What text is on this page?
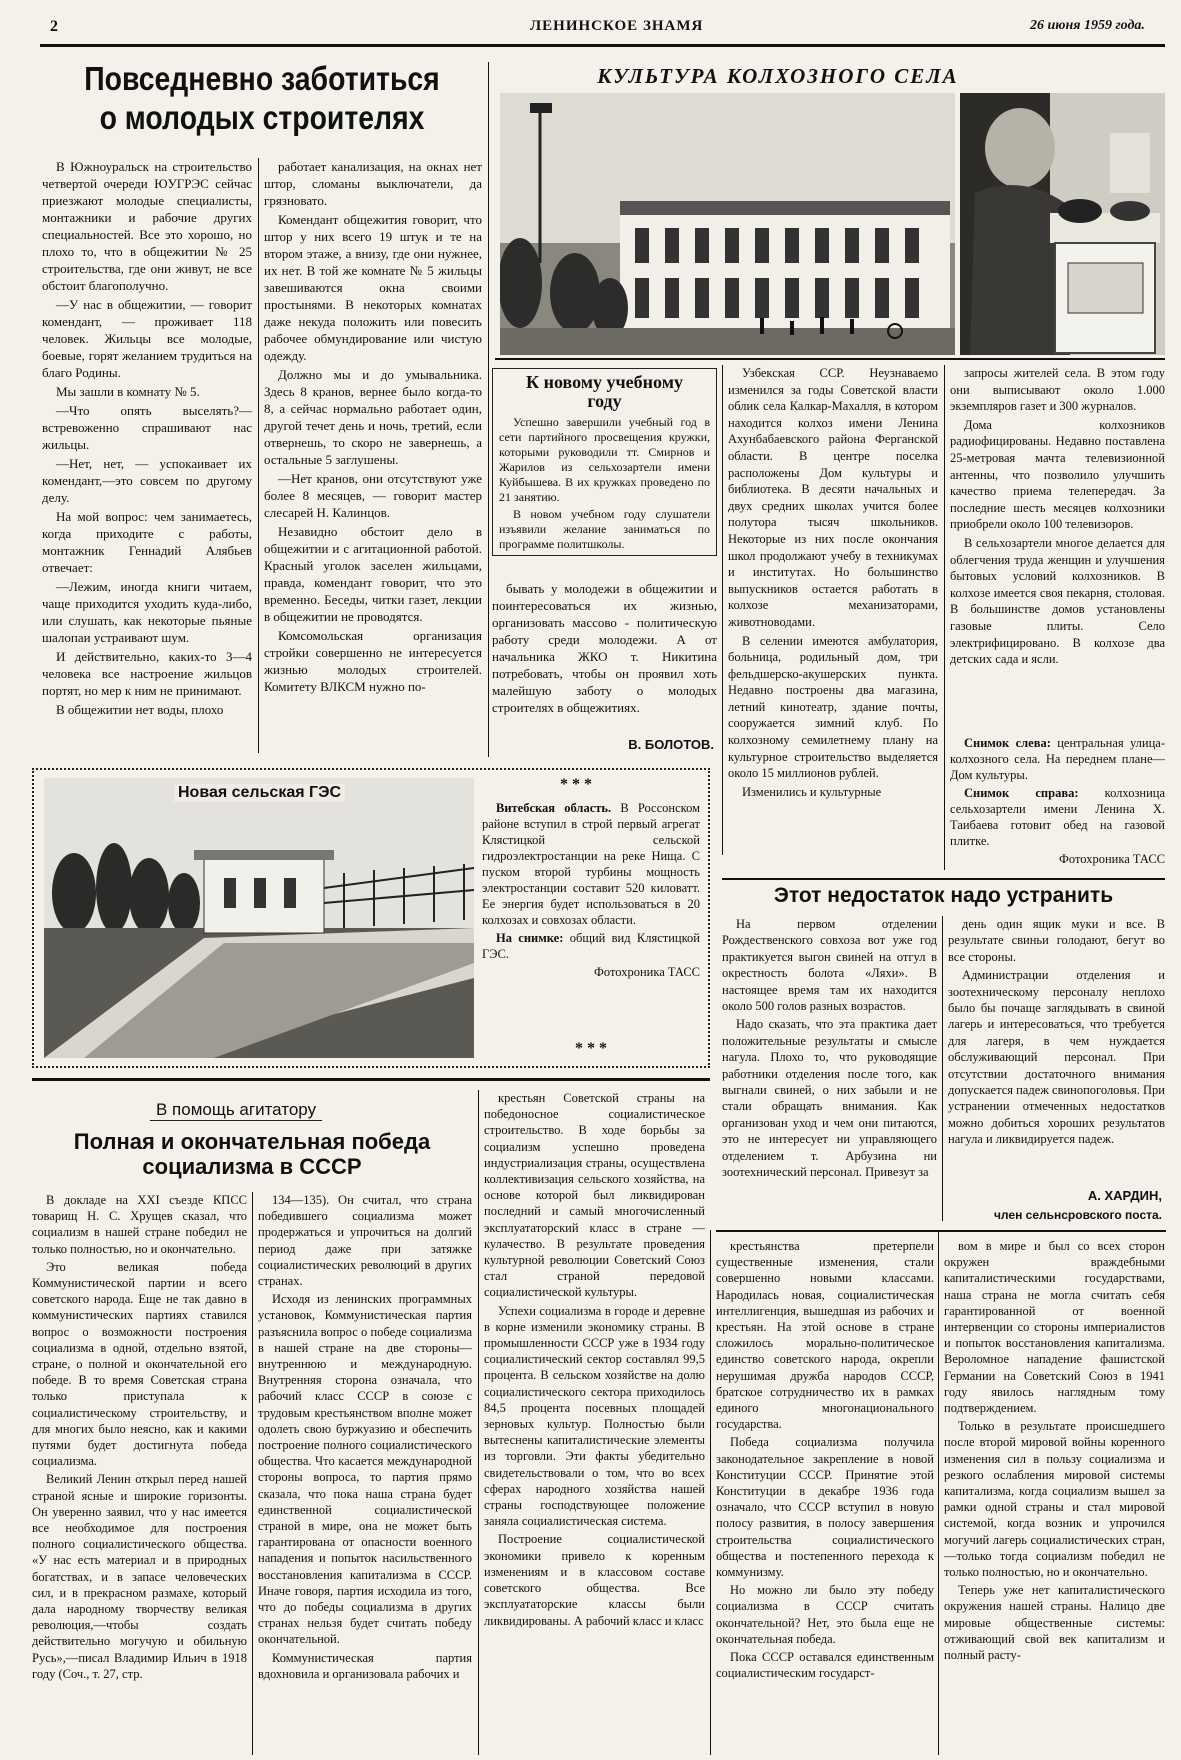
2	ЛЕНИНСКОЕ ЗНАМЯ	26 июня 1959 года.
Повседневно заботиться
о молодых строителях

В Южноуральск на строительство четвертой очереди ЮУГРЭС сейчас приезжают молодые специалисты, монтажники и рабочие других специальностей. Все это хорошо, но плохо то, что в общежитии № 25 строительства, где они живут, не все обстоит благополучно.

—У нас в общежитии, — говорит комендант, — проживает 118 человек. Жильцы все молодые, боевые, горят желанием трудиться на благо Родины.

Мы зашли в комнату № 5.

—Что опять выселять?—встревоженно спрашивают нас жильцы.

—Нет, нет, — успокаивает их комендант,—это совсем по другому делу.

На мой вопрос: чем занимаетесь, когда приходите с работы, монтажник Геннадий Алябьев отвечает:

—Лежим, иногда книги читаем, чаще приходится уходить куда-либо, или слушать, как некоторые пьяные шалопаи устраивают шум.

И действительно, каких-то 3—4 человека все настроение жильцов портят, но мер к ним не принимают.

В общежитии нет воды, плохо

работает канализация, на окнах нет штор, сломаны выключатели, да грязновато.

Комендант общежития говорит, что штор у них всего 19 штук и те на втором этаже, а внизу, где они нужнее, их нет. В той же комнате № 5 жильцы завешиваются окна своими простынями. В некоторых комнатах даже некуда положить или повесить рабочее обмундирование или чистую одежду.

Должно мы и до умывальника. Здесь 8 кранов, вернее было когда-то 8, а сейчас нормально работает один, другой течет день и ночь, третий, если отвернешь, то скоро не завернешь, а остальные 5 заглушены.

—Нет кранов, они отсутствуют уже более 8 месяцев, — говорит мастер слесарей Н. Калинцов.

Незавидно обстоит дело в общежитии и с агитационной работой. Красный уголок заселен жильцами, правда, комендант говорит, что это временно. Беседы, читки газет, лекции в общежитии не проводятся.

Комсомольская организация стройки совершенно не интересуется жизнью молодых строителей. Комитету ВЛКСМ нужно по-

КУЛЬТУРА КОЛХОЗНОГО СЕЛА
К новому учебному
году

Успешно завершили учебный год в сети партийного просвещения кружки, которыми руководили тт. Смирнов и Жарилов из сельхозартели имени Куйбышева. В их кружках проведено по 21 занятию.

В новом учебном году слушатели изъявили желание заниматься по программе политшколы.

бывать у молодежи в общежитии и поинтересоваться их жизнью, организовать массово - политическую работу среди молодежи. А от начальника ЖКО т. Никитина потребовать, чтобы он проявил хоть малейшую заботу о молодых строителях в общежитиях.

В. БОЛОТОВ.

Узбекская ССР. Неузнаваемо изменился за годы Советской власти облик села Калкар-Махалля, в котором находится колхоз имени Ленина Ахунбабаевского района Ферганской области. В центре поселка расположены Дом культуры и библиотека. В десяти начальных и двух средних школах учится более полутора тысяч школьников. Некоторые из них после окончания школ продолжают учебу в техникумах и институтах. Но большинство выпускников остается работать в колхозе механизаторами, животноводами.

В селении имеются амбулатория, больница, родильный дом, три фельдшерско-акушерских пункта. Недавно построены два магазина, летний кинотеатр, здание почты, сооружается зимний клуб. По колхозному семилетнему плану на культурное строительство выделяется около 15 миллионов рублей.

Изменились и культурные

запросы жителей села. В этом году они выписывают около 1.000 экземпляров газет и 300 журналов.

Дома колхозников радиофицированы. Недавно поставлена 25-метровая мачта телевизионной антенны, что позволило улучшить качество приема телепередач. За последние шесть месяцев колхозники приобрели около 100 телевизоров.

В сельхозартели многое делается для облегчения труда женщин и улучшения бытовых условий колхозников. В колхозе имеется своя пекарня, столовая. В большинстве домов установлены газовые плиты. Село электрифицировано. В колхозе два детских сада и ясли.

Снимок слева: центральная улица-колхозного села. На переднем плане—Дом культуры.

Снимок справа: колхозница сельхозартели имени Ленина Х. Таибаева готовит обед на газовой плитке.

Фотохроника ТАСС

Новая сельская ГЭС	* * *

Витебская область. В Россонском районе вступил в строй первый агрегат Клястицкой сельской гидроэлектростанции на реке Нища. С пуском второй турбины мощность электростанции составит 520 киловатт. Ее энергия будет использоваться в 20 колхозах и совхозах области.

На снимке: общий вид Клястицкой ГЭС.

Фотохроника ТАСС

* * *
Этот недостаток надо устранить

На первом отделении Рождественского совхоза вот уже год практикуется выгон свиней на отгул в окрестность болота «Ляхи». В настоящее время там их находится около 500 голов разных возрастов.

Надо сказать, что эта практика дает положительные результаты и смысле нагула. Плохо то, что руководящие работники отделения после того, как выгнали свиней, о них забыли и не стали обращать внимания. Как организован уход и чем они питаются, это не интересует ни управляющего отделением т. Арбузина ни зоотехнический персонал. Привезут за

день один ящик муки и все. В результате свиньи голодают, бегут во все стороны.

Администрации отделения и зоотехническому персоналу неплохо было бы почаще заглядывать в свиной лагерь и интересоваться, что требуется для лагеря, в чем нуждается обслуживающий персонал. При отсутствии достаточного внимания допускается падеж свинопоголовья. При устранении отмеченных недостатков можно добиться хороших результатов нагула и ликвидируется падеж.

А. ХАРДИН,
член сельнсровского поста.
В помощь агитатору
Полная и окончательная победа
социализма в СССР

В докладе на XXI съезде КПСС товарищ Н. С. Хрущев сказал, что социализм в нашей стране победил не только полностью, но и окончательно.

Это великая победа Коммунистической партии и всего советского народа. Еще не так давно в коммунистических партиях ставился вопрос о возможности построения социализма в одной, отдельно взятой, стране, о полной и окончательной его победе. В то время Советская страна только приступала к социалистическому строительству, и для многих было неясно, как и какими путями будет достигнута победа социализма.

Великий Ленин открыл перед нашей страной ясные и широкие горизонты. Он уверенно заявил, что у нас имеется все необходимое для построения полного социалистического общества. «У нас есть материал и в природных богатствах, и в запасе человеческих сил, и в прекрасном размахе, который дала народному творчеству великая революция,—чтобы создать действительно могучую и обильную Русь»,—писал Владимир Ильич в 1918 году (Соч., т. 27, стр.

134—135). Он считал, что страна победившего социализма может продержаться и упрочиться на долгий период даже при затяжке социалистических революций в других странах.

Исходя из ленинских программных установок, Коммунистическая партия разъяснила вопрос о победе социализма в нашей стране на две стороны— внутреннюю и международную. Внутренняя сторона означала, что рабочий класс СССР в союзе с трудовым крестьянством вполне может одолеть свою буржуазию и обеспечить построение полного социалистического общества. Что касается международной стороны вопроса, то партия прямо сказала, что пока наша страна будет единственной социалистической страной в мире, она не может быть гарантирована от опасности военного нападения и попыток насильственного восстановления капитализма в СССР. Иначе говоря, партия исходила из того, что до победы социализма в других странах нельзя будет считать победу окончательной.

Коммунистическая партия вдохновила и организовала рабочих и

крестьян Советской страны на победоносное социалистическое строительство. В ходе борьбы за социализм успешно проведена индустриализация страны, осуществлена коллективизация сельского хозяйства, на основе которой был ликвидирован последний и самый многочисленный эксплуататорский класс в стране — кулачество. В результате проведения культурной революции Советский Союз стал страной передовой социалистической культуры.

Успехи социализма в городе и деревне в корне изменили экономику страны. В промышленности СССР уже в 1934 году социалистический сектор составлял 99,5 процента. В сельском хозяйстве на долю социалистического сектора приходилось 84,5 процента посевных площадей зерновых культур. Полностью были вытеснены капиталистические элементы из торговли. Эти факты убедительно свидетельствовали о том, что во всех сферах народного хозяйства нашей страны господствующее положение заняла социалистическая система.

Построение социалистической экономики привело к коренным изменениям и в классовом составе советского общества. Все эксплуататорские классы были ликвидированы. А рабочий класс и класс

крестьянства претерпели существенные изменения, стали совершенно новыми классами. Народилась новая, социалистическая интеллигенция, вышедшая из рабочих и крестьян. На этой основе в стране сложилось морально-политическое единство советского народа, окрепли нерушимая дружба народов СССР, братское сотрудничество их в рамках единого многонационального государства.

Победа социализма получила законодательное закрепление в новой Конституции СССР. Принятие этой Конституции в декабре 1936 года означало, что СССР вступил в новую полосу развития, в полосу завершения строительства социалистического общества и постепенного перехода к коммунизму.

Но можно ли было эту победу социализма в СССР считать окончательной? Нет, это была еще не окончательная победа.

Пока СССР оставался единственным социалистическим государст-

вом в мире и был со всех сторон окружен враждебными капиталистическими государствами, наша страна не могла считать себя гарантированной от военной интервенции со стороны империалистов и попыток восстановления капитализма. Вероломное нападение фашистской Германии на Советский Союз в 1941 году явилось наглядным тому подтверждением.

Только в результате происшедшего после второй мировой войны коренного изменения сил в пользу социализма и резкого ослабления мировой системы капитализма, когда социализм вышел за рамки одной страны и стал мировой системой, когда возник и упрочился могучий лагерь социалистических стран,—только тогда социализм победил не только полностью, но и окончательно.

Теперь уже нет капиталистического окружения нашей страны. Налицо две мировые общественные системы: отживающий свой век капитализм и полный расту-
